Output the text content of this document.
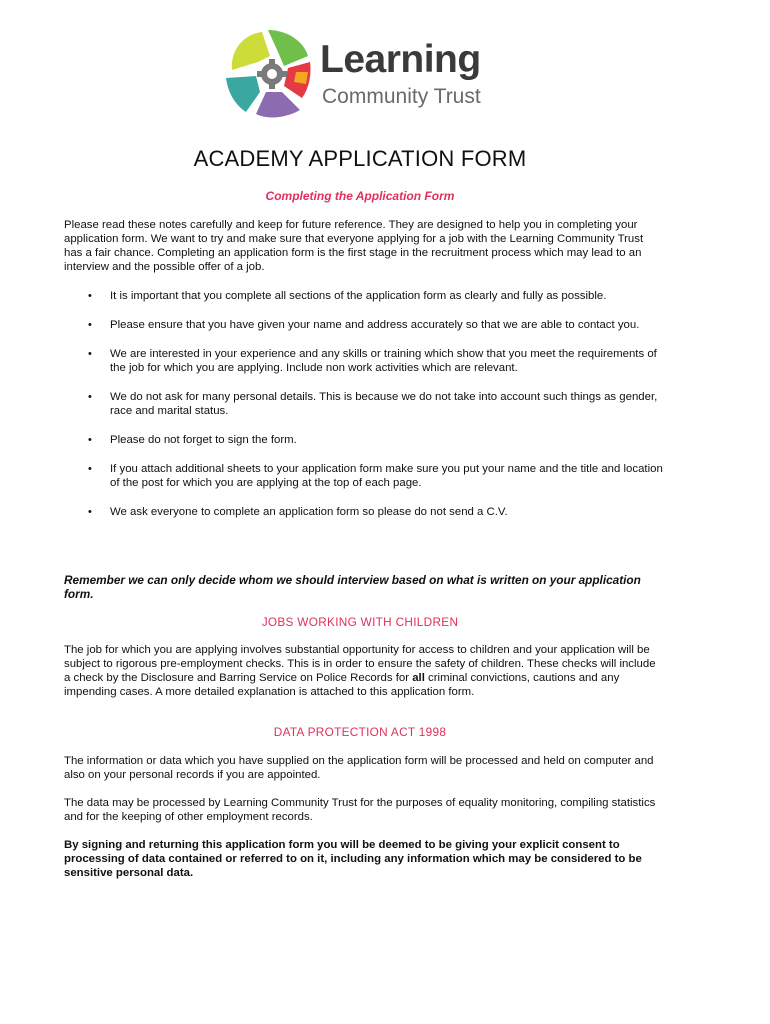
Learning
Community Trust
ACADEMY APPLICATION FORM
Completing the Application Form
Please read these notes carefully and keep for future reference. They are designed to help you in completing your application form. We want to try and make sure that everyone applying for a job with the Learning Community Trust has a fair chance. Completing an application form is the first stage in the recruitment process which may lead to an interview and the possible offer of a job.
• It is important that you complete all sections of the application form as clearly and fully as possible.
• Please ensure that you have given your name and address accurately so that we are able to contact you.
• We are interested in your experience and any skills or training which show that you meet the requirements of the job for which you are applying. Include non work activities which are relevant.
• We do not ask for many personal details. This is because we do not take into account such things as gender, race and marital status.
• Please do not forget to sign the form.
• If you attach additional sheets to your application form make sure you put your name and the title and location of the post for which you are applying at the top of each page.
• We ask everyone to complete an application form so please do not send a C.V.
Remember we can only decide whom we should interview based on what is written on your application form.
JOBS WORKING WITH CHILDREN
The job for which you are applying involves substantial opportunity for access to children and your application will be subject to rigorous pre-employment checks. This is in order to ensure the safety of children. These checks will include a check by the Disclosure and Barring Service on Police Records for all criminal convictions, cautions and any impending cases. A more detailed explanation is attached to this application form.
DATA PROTECTION ACT 1998
The information or data which you have supplied on the application form will be processed and held on computer and also on your personal records if you are appointed.
The data may be processed by Learning Community Trust for the purposes of equality monitoring, compiling statistics and for the keeping of other employment records.
By signing and returning this application form you will be deemed to be giving your explicit consent to processing of data contained or referred to on it, including any information which may be considered to be sensitive personal data.
